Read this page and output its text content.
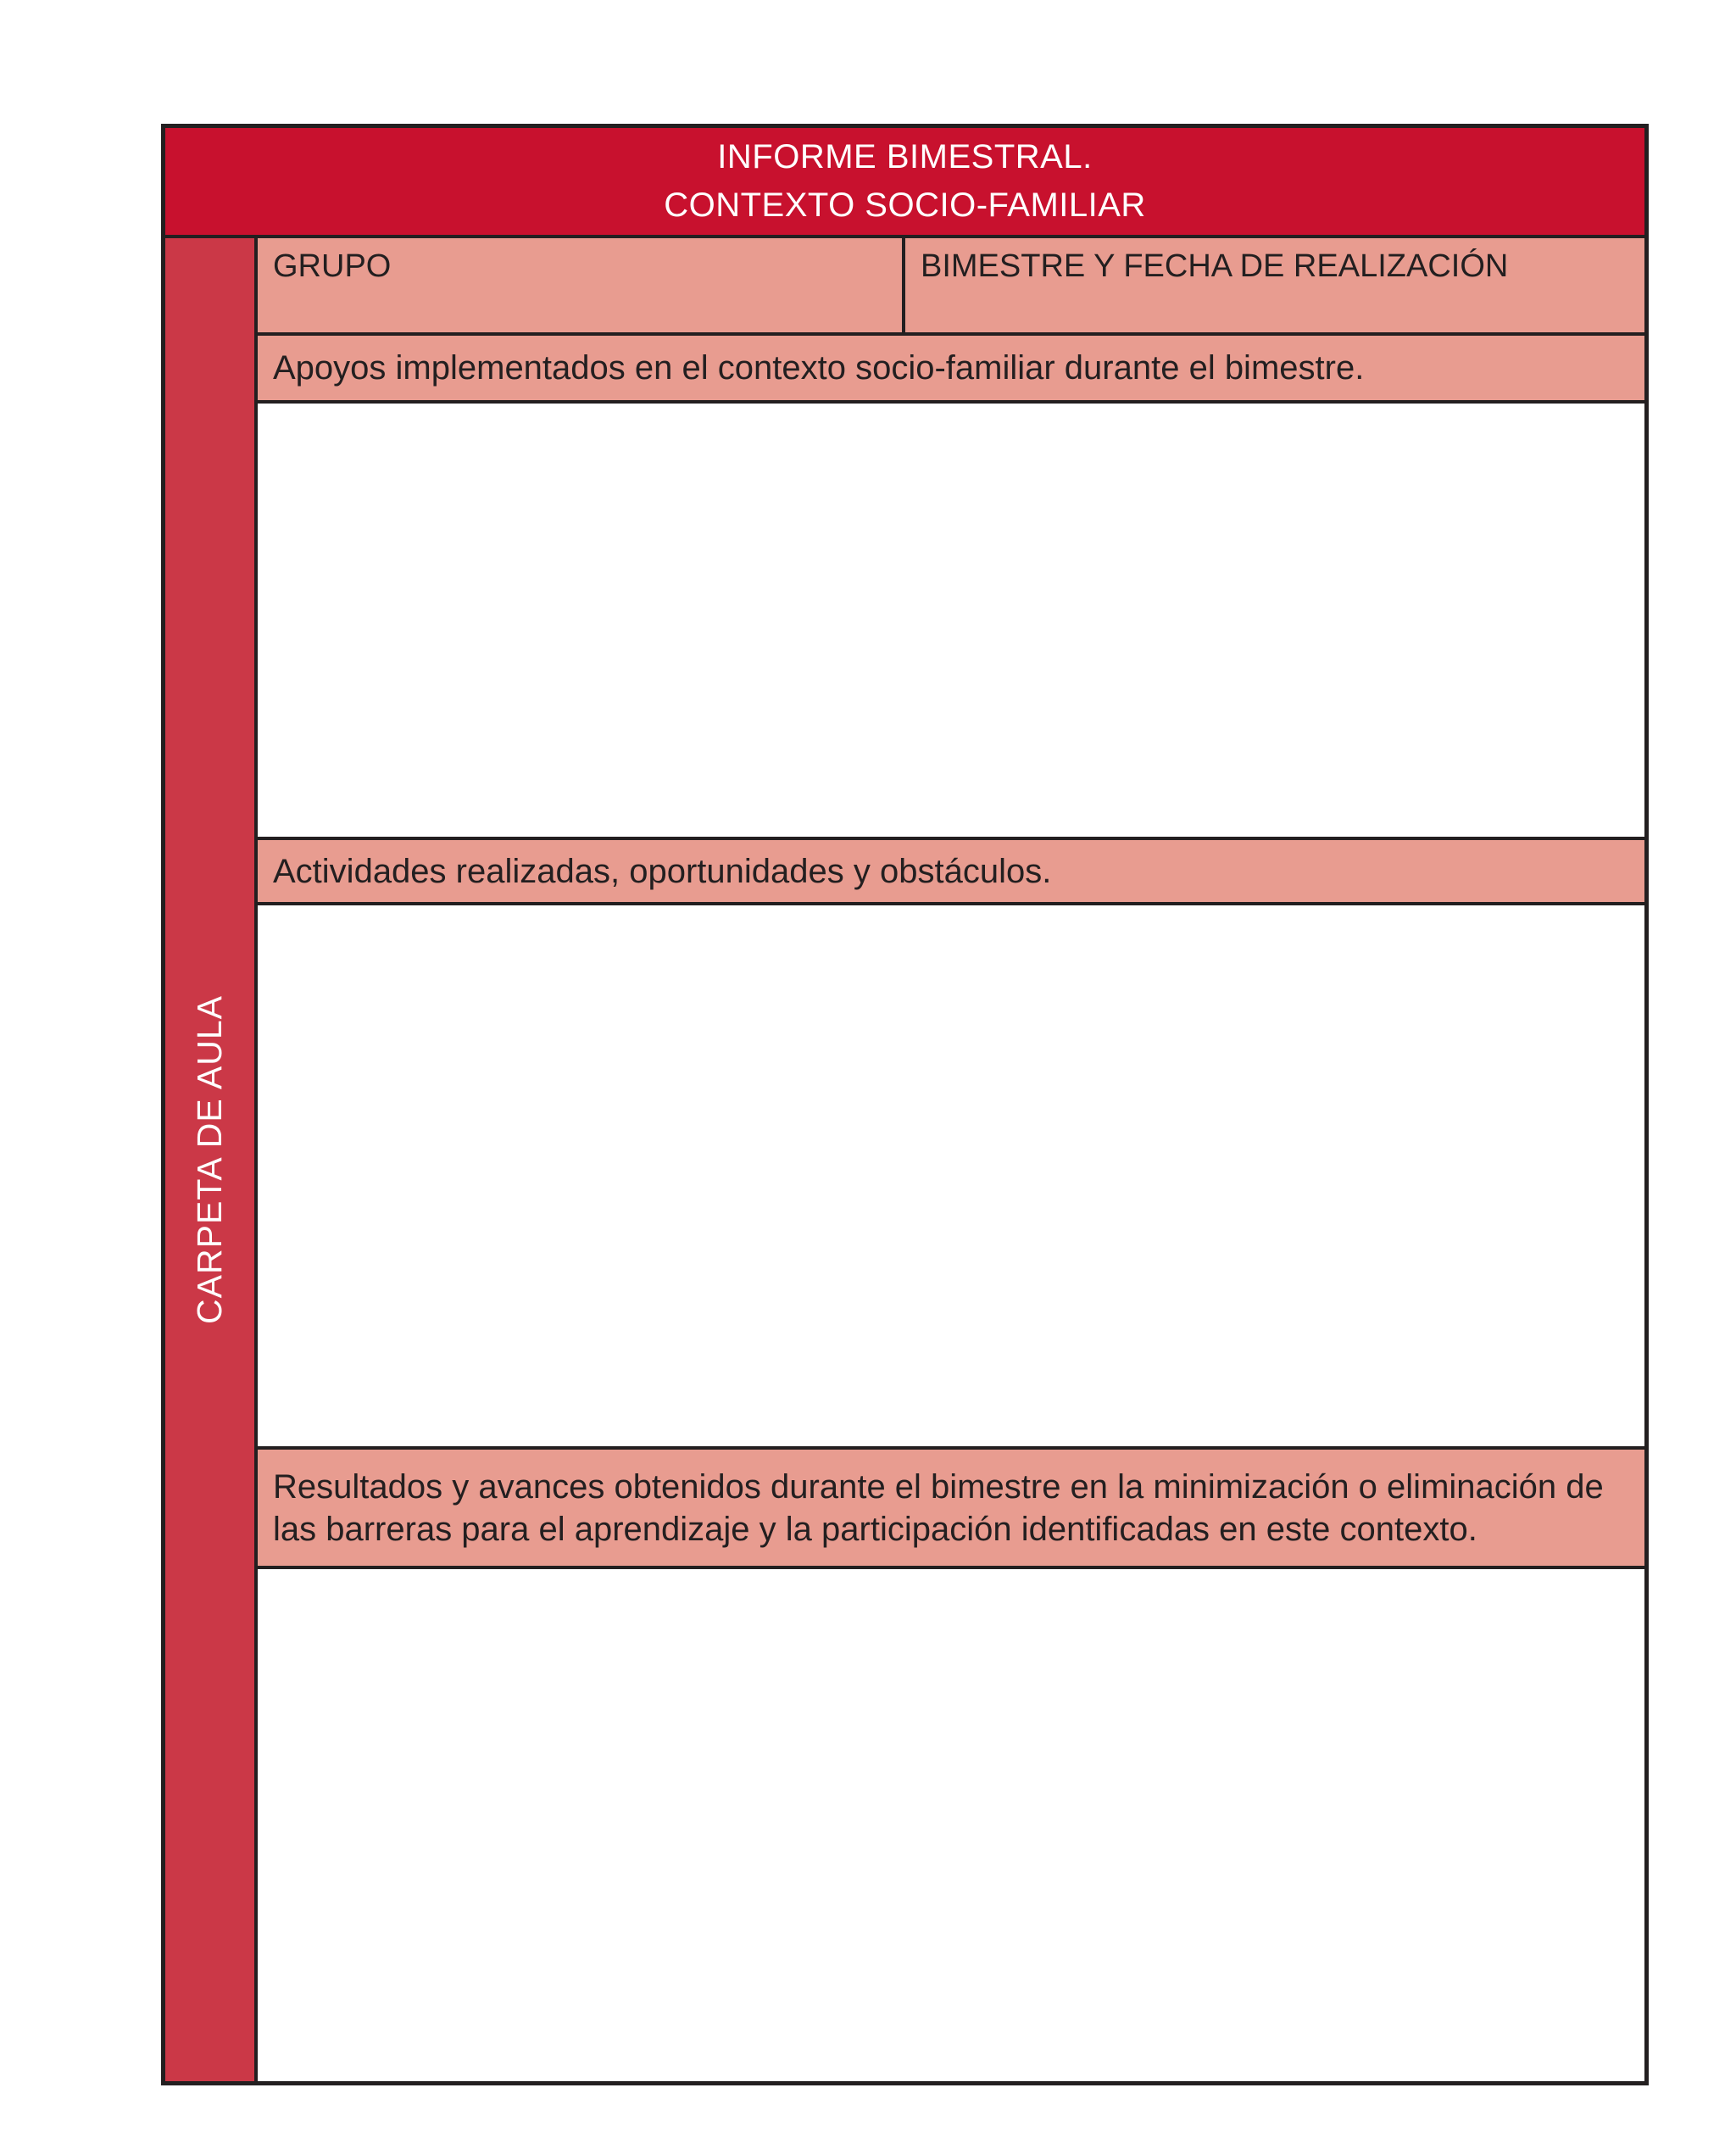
INFORME BIMESTRAL.
CONTEXTO SOCIO-FAMILIAR
CARPETA DE AULA
GRUPO	BIMESTRE Y FECHA DE REALIZACIÓN
Apoyos implementados en el contexto socio-familiar durante el bimestre.
Actividades realizadas, oportunidades y obstáculos.
Resultados y avances obtenidos durante el bimestre en la minimización o eliminación de las barreras para el aprendizaje y la participación identificadas en este contexto.
